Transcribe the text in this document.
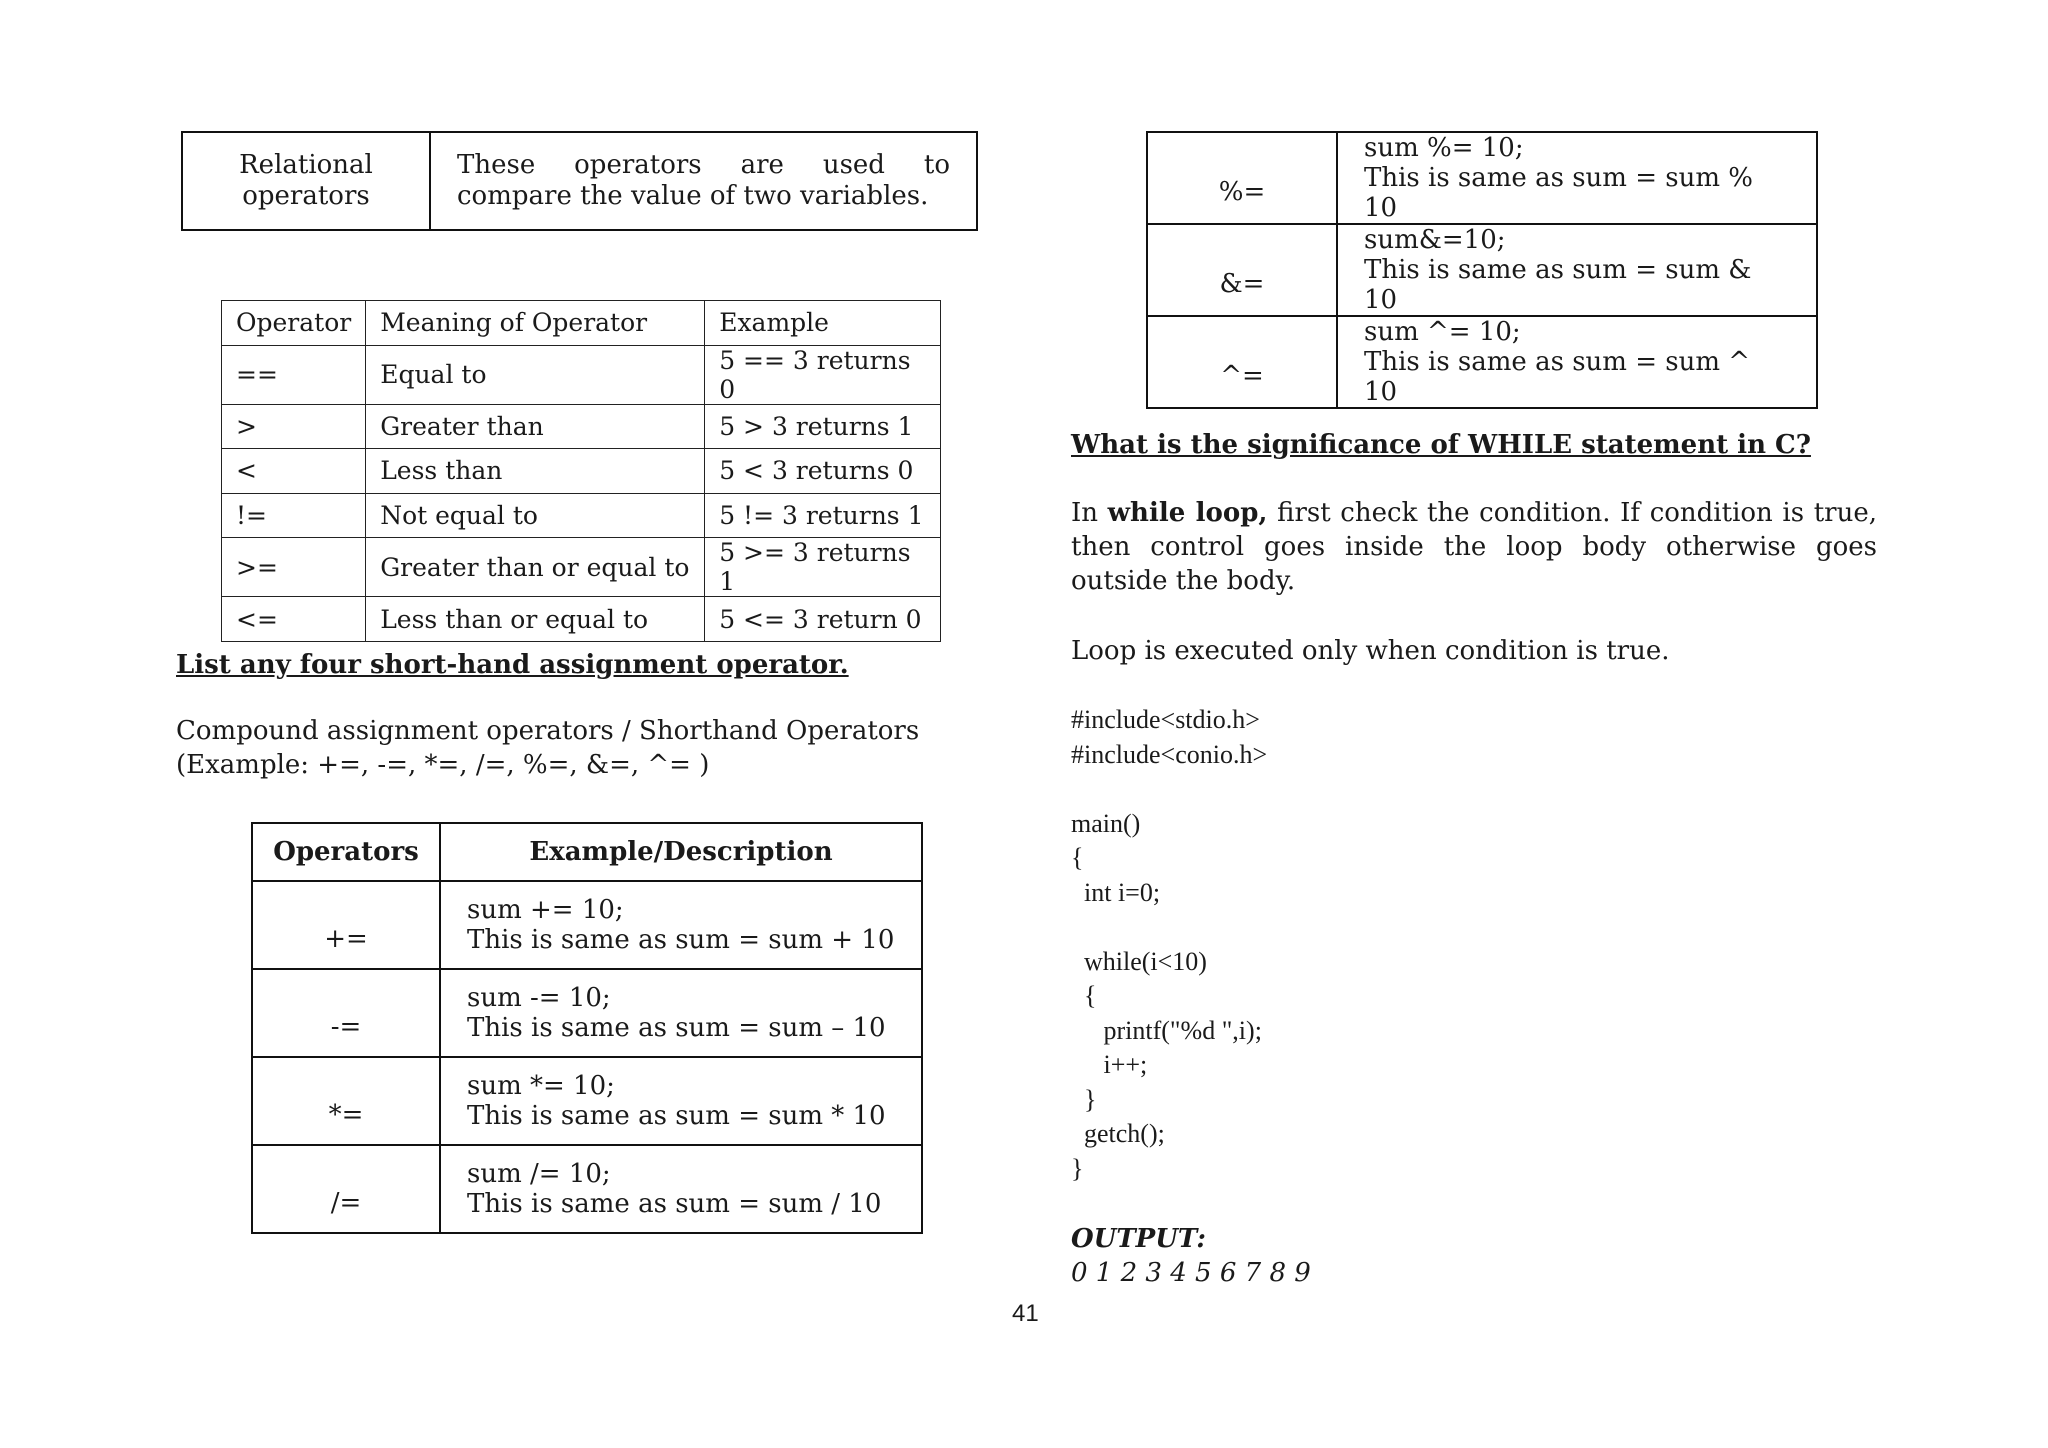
Relational operators	These operators are used to compare the value of two variables.
Operator	Meaning of Operator	Example
==	Equal to	5 == 3 returns 0
>	Greater than	5 > 3 returns 1
<	Less than	5 < 3 returns 0
!=	Not equal to	5 != 3 returns 1
>=	Greater than or equal to	5 >= 3 returns 1
<=	Less than or equal to	5 <= 3 return 0
List any four short-hand assignment operator.
Compound assignment operators / Shorthand Operators
(Example: +=, -=, *=, /=, %=, &=, ^= )
Operators	Example/Description
+=	sum += 10;
This is same as sum = sum + 10

-=	sum -= 10;
This is same as sum = sum – 10

*=	sum *= 10;
This is same as sum = sum * 10

/=	sum /= 10;
This is same as sum = sum / 10
%=	sum %= 10;
This is same as sum = sum % 10

&=	sum&=10;
This is same as sum = sum & 10

^=	sum ^= 10;
This is same as sum = sum ^ 10
What is the significance of WHILE statement in C?
In while loop, first check the condition. If condition is true, then control goes inside the loop body otherwise goes outside the body.
Loop is executed only when condition is true.
#include<stdio.h>
#include<conio.h>

main()
{
int i=0;

while(i<10)
{
printf("%d ",i);
i++;
}
getch();
}
OUTPUT:
0 1 2 3 4 5 6 7 8 9
41
